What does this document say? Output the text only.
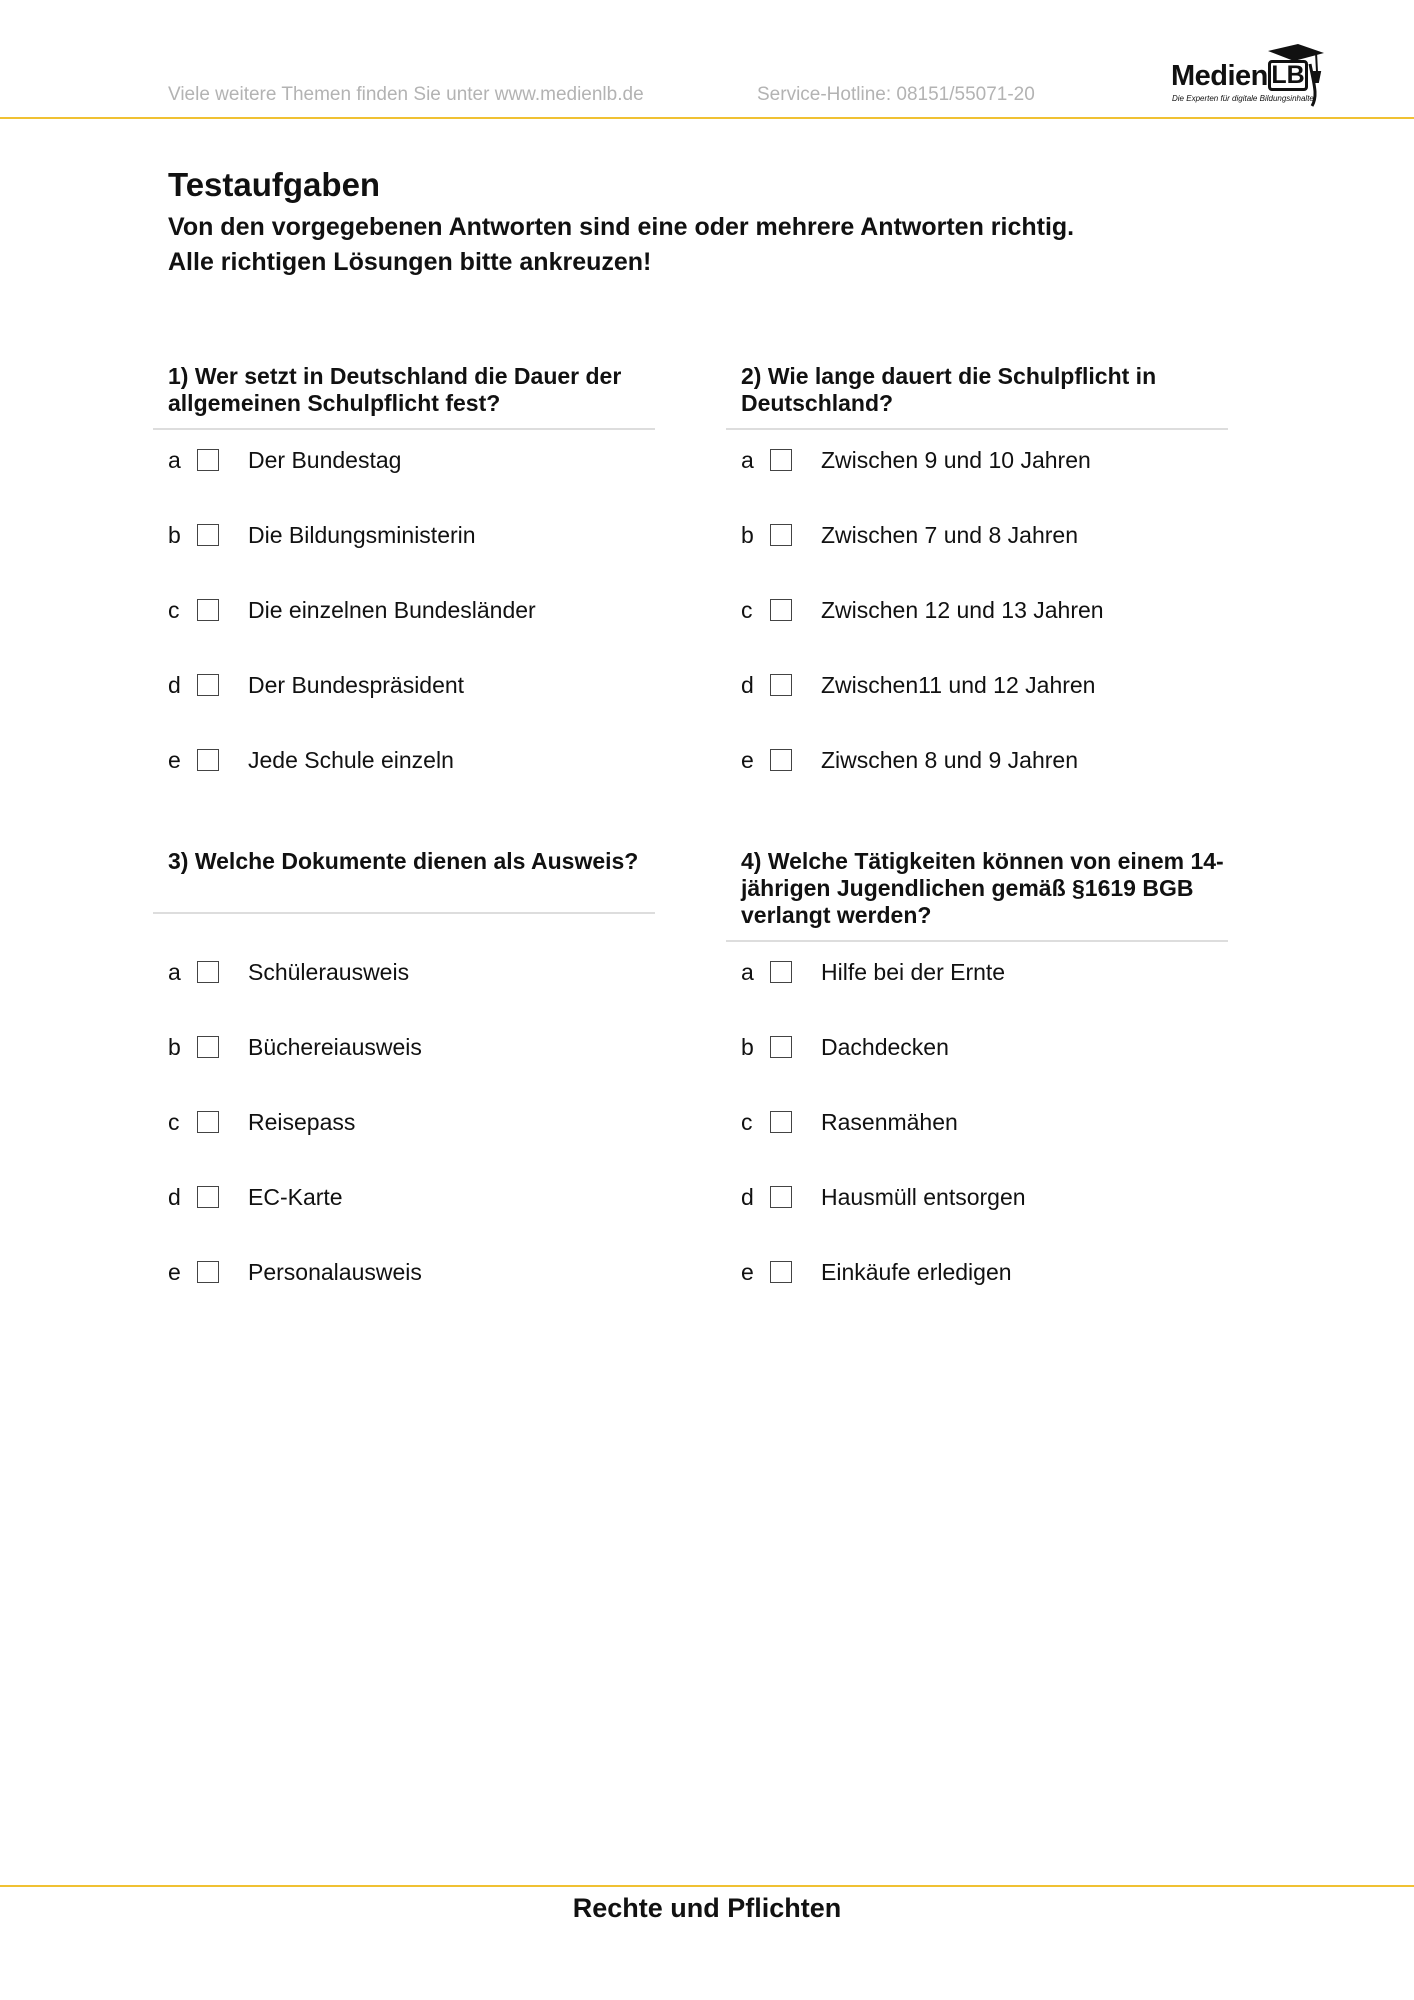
Viele weitere Themen finden Sie unter www.medienlb.de	Service-Hotline: 08151/55071-20
Medien LB
Die Experten für digitale Bildungsinhalte
Testaufgaben
Von den vorgegebenen Antworten sind eine oder mehrere Antworten richtig.
Alle richtigen Lösungen bitte ankreuzen!
1) Wer setzt in Deutschland die Dauer der allgemeinen Schulpflicht fest?
a	Der Bundestag
b	Die Bildungsministerin
c	Die einzelnen Bundesländer
d	Der Bundespräsident
e	Jede Schule einzeln
2) Wie lange dauert die Schulpflicht in Deutschland?
a	Zwischen 9 und 10 Jahren
b	Zwischen 7 und 8 Jahren
c	Zwischen 12 und 13 Jahren
d	Zwischen11 und 12 Jahren
e	Ziwschen 8 und 9 Jahren
3) Welche Dokumente dienen als Ausweis?
a	Schülerausweis
b	Büchereiausweis
c	Reisepass
d	EC-Karte
e	Personalausweis
4) Welche Tätigkeiten können von einem 14-jährigen Jugendlichen gemäß §1619 BGB verlangt werden?
a	Hilfe bei der Ernte
b	Dachdecken
c	Rasenmähen
d	Hausmüll entsorgen
e	Einkäufe erledigen
Rechte und Pflichten
